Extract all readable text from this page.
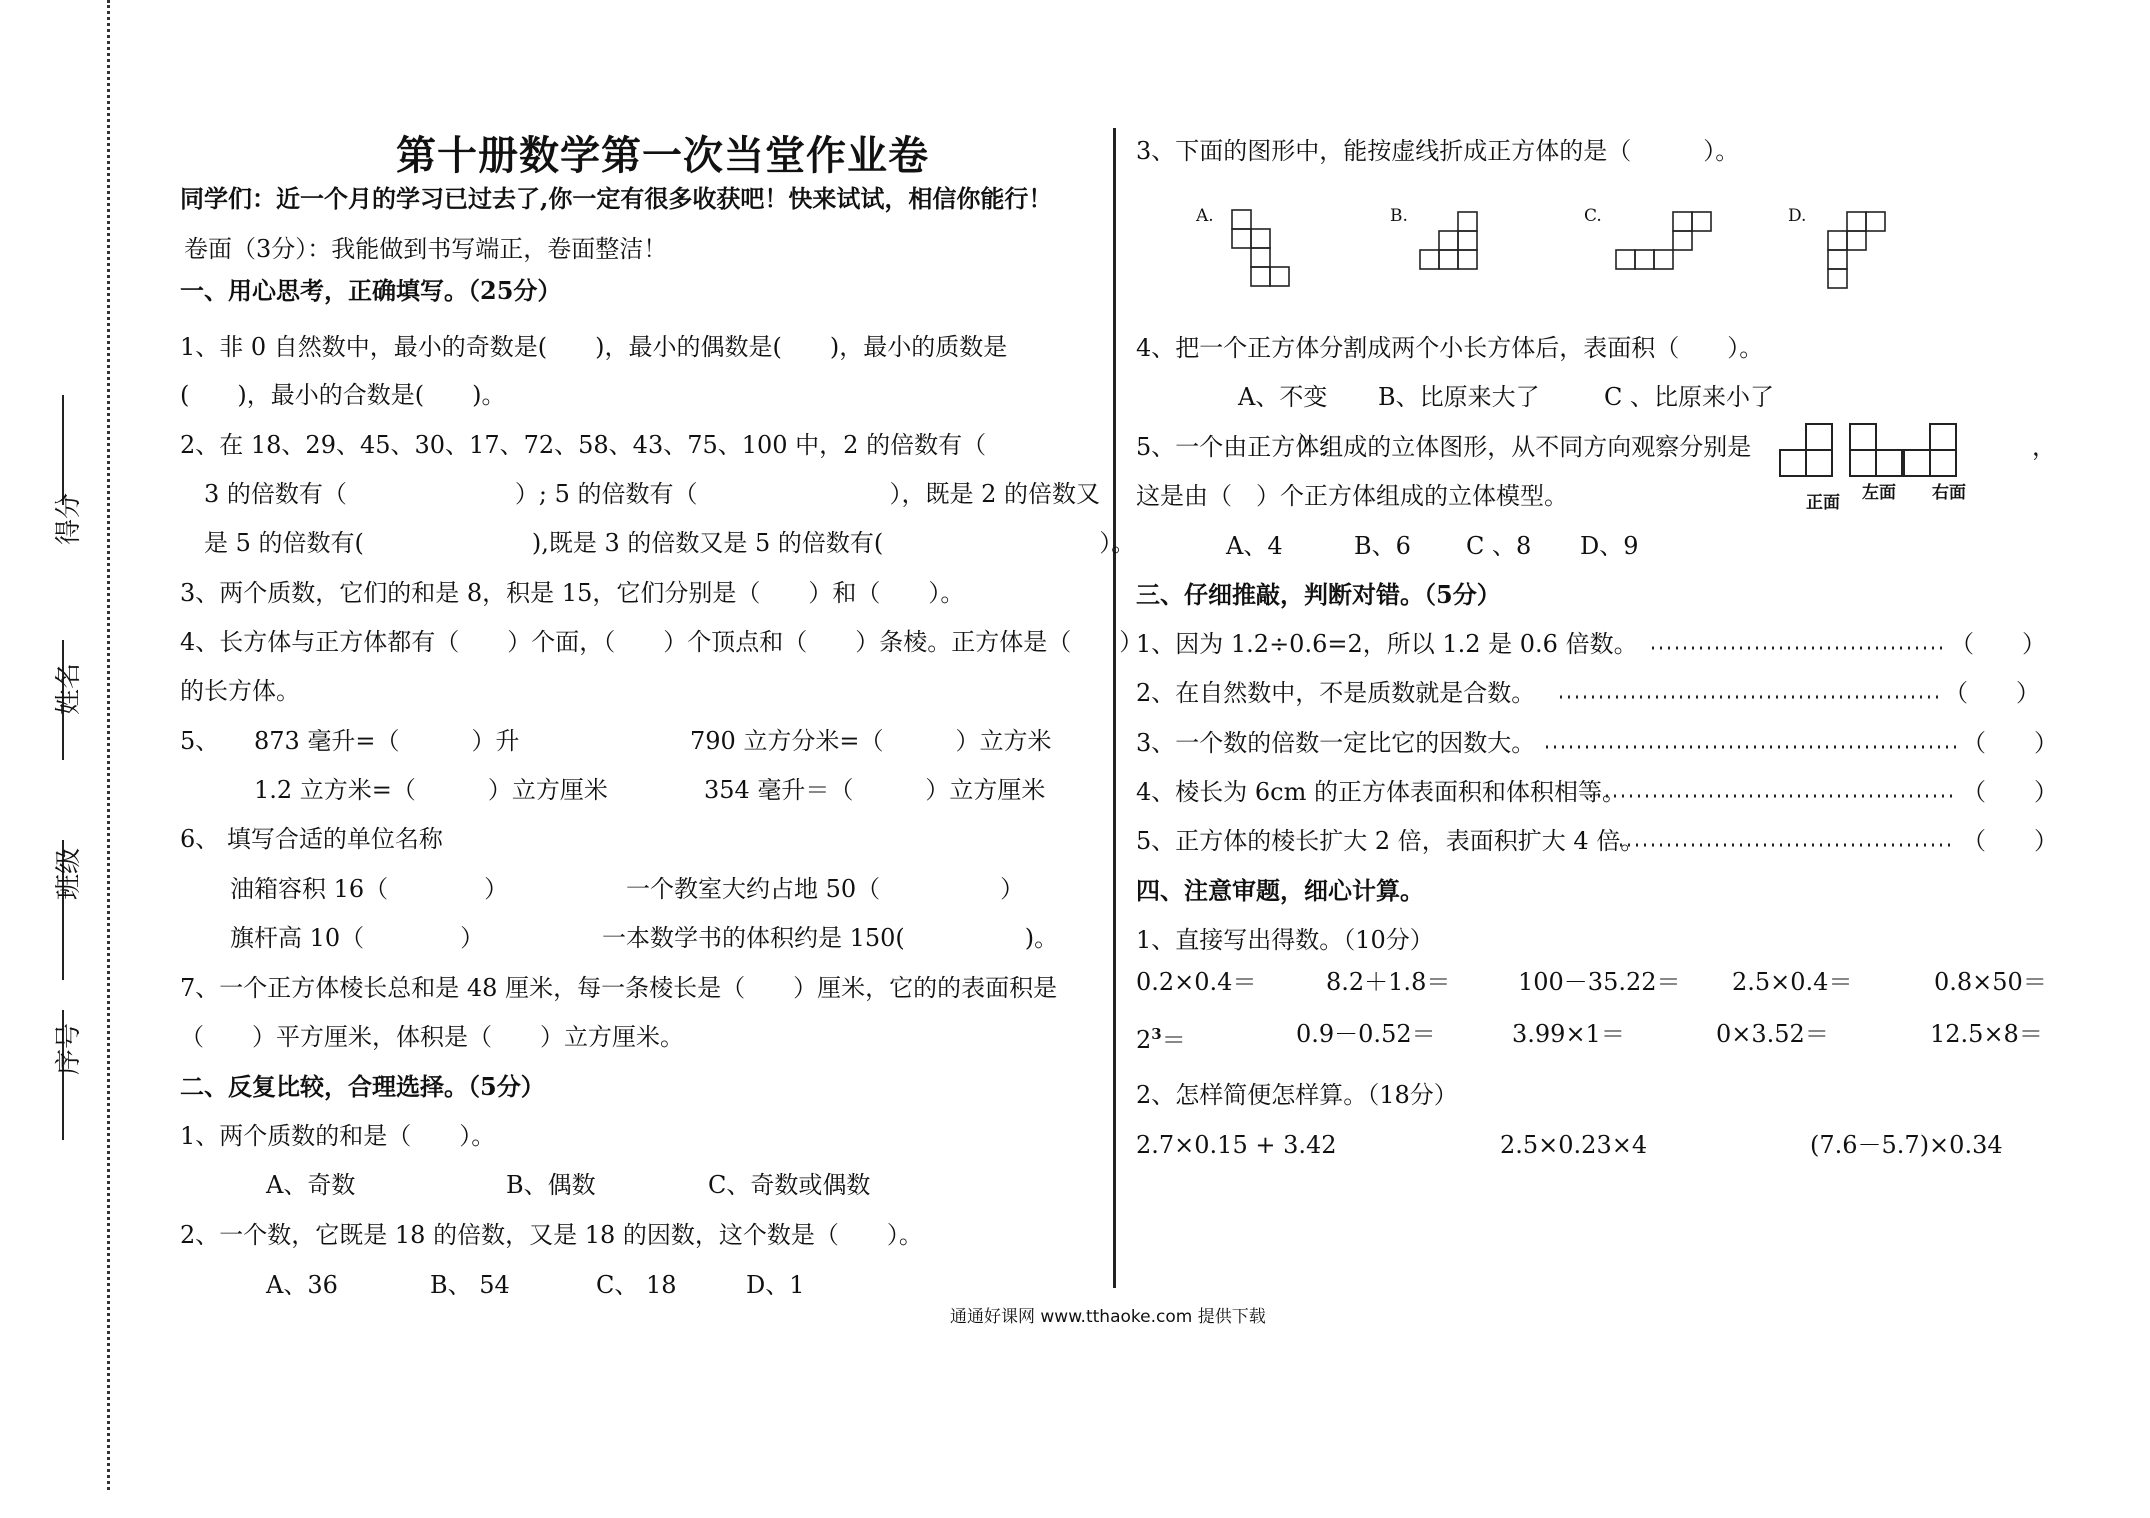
得分
姓名
班级
序号
第十册数学第一次当堂作业卷
同学们：近一个月的学习已过去了,你一定有很多收获吧！快来试试，相信你能行！
卷面（3分）：我能做到书写端正，卷面整洁！
一、用心思考，正确填写。（25分）
1、非 0 自然数中，最小的奇数是(　　)，最小的偶数是(　　)，最小的质数是
(　　)，最小的合数是(　　)。
2、在 18、29、45、30、17、72、58、43、75、100 中，2 的倍数有（　　　　　　　　　　　　　）;
3 的倍数有（　　　　　　　）; 5 的倍数有（　　　　　　　　），既是 2 的倍数又
是 5 的倍数有(　　　　　　　),既是 3 的倍数又是 5 的倍数有(　　　　　　　　　）。
3、两个质数，它们的和是 8，积是 15，它们分别是（　　）和（　　）。
4、长方体与正方体都有（　　）个面，（　　）个顶点和（　　）条棱。正方体是（　　）
的长方体。
5、 873 毫升=（　　　）升	790 立方分米=（　　　）立方米
1.2 立方米=（　　　）立方厘米	354 毫升＝（　　　）立方厘米
6、 填写合适的单位名称
油箱容积 16（　　　　）	一个教室大约占地 50（　　　　　）
旗杆高 10（　　　　）	一本数学书的体积约是 150(　　　　　)。
7、一个正方体棱长总和是 48 厘米，每一条棱长是（　　）厘米，它的的表面积是
（　　）平方厘米，体积是（　　）立方厘米。
二、反复比较，合理选择。（5分）
1、两个质数的和是（　　）。
A、奇数	B、偶数	C、奇数或偶数
2、一个数，它既是 18 的倍数，又是 18 的因数，这个数是（　　）。
A、36	B、 54	C、 18	D、1
3、下面的图形中，能按虚线折成正方体的是（　　　）。
A.	B.	C.	D.
4、把一个正方体分割成两个小长方体后，表面积（　　）。
A、不变 B、比原来大了	C 、比原来小了
5、一个由正方体组成的立体图形，从不同方向观察分别是	，
正面 左面 右面
这是由（　）个正方体组成的立体模型。
A、4	B、6 C 、8 D、9
三、仔细推敲，判断对错。（5分）
1、因为 1.2÷0.6=2，所以 1.2 是 0.6 倍数。	（　　）
2、在自然数中，不是质数就是合数。	（　　）
3、一个数的倍数一定比它的因数大。	（　　）
4、棱长为 6cm 的正方体表面积和体积相等。	（　　）
5、正方体的棱长扩大 2 倍，表面积扩大 4 倍。	（　　）
四、注意审题，细心计算。
1、直接写出得数。（10分）
0.2×0.4＝	8.2＋1.8＝	100－35.22＝ 2.5×0.4＝	0.8×50＝
$2^3=$	0.9－0.52＝	3.99×1＝	0×3.52＝	12.5×8＝
2、怎样简便怎样算。（18分）
2.7×0.15 + 3.42	2.5×0.23×4	(7.6－5.7)×0.34
通通好课网 www.tthaoke.com 提供下载
